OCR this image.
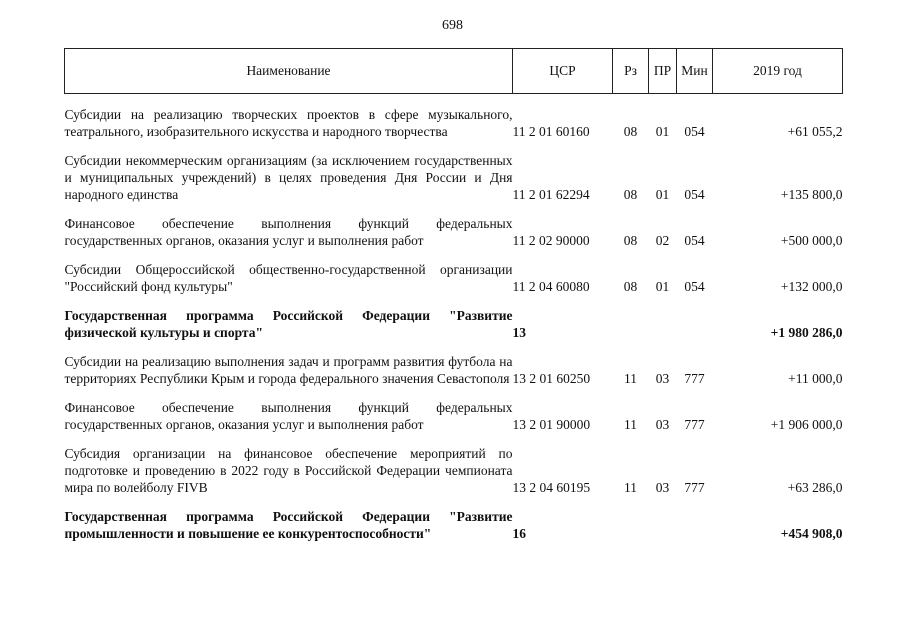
698
Наименование	ЦСР	Рз	ПР	Мин	2019 год
Субсидии на реализацию творческих проектов в сфере музыкального, театрального, изобразительного искусства и народного творчества	11 2 01 60160	08	01	054	+61 055,2
Субсидии некоммерческим организациям (за исключением государственных и муниципальных учреждений) в целях проведения Дня России и Дня народного единства	11 2 01 62294	08	01	054	+135 800,0
Финансовое обеспечение выполнения функций федеральных государственных органов, оказания услуг и выполнения работ	11 2 02 90000	08	02	054	+500 000,0
Субсидии Общероссийской общественно-государственной организации "Российский фонд культуры"	11 2 04 60080	08	01	054	+132 000,0
Государственная программа Российской Федерации "Развитие физической культуры и спорта"	13				+1 980 286,0
Субсидии на реализацию выполнения задач и программ развития футбола на территориях Республики Крым и города федерального значения Севастополя	13 2 01 60250	11	03	777	+11 000,0
Финансовое обеспечение выполнения функций федеральных государственных органов, оказания услуг и выполнения работ	13 2 01 90000	11	03	777	+1 906 000,0
Субсидия организации на финансовое обеспечение мероприятий по подготовке и проведению в 2022 году в Российской Федерации чемпионата мира по волейболу FIVB	13 2 04 60195	11	03	777	+63 286,0
Государственная программа Российской Федерации "Развитие промышленности и повышение ее конкурентоспособности"	16				+454 908,0
